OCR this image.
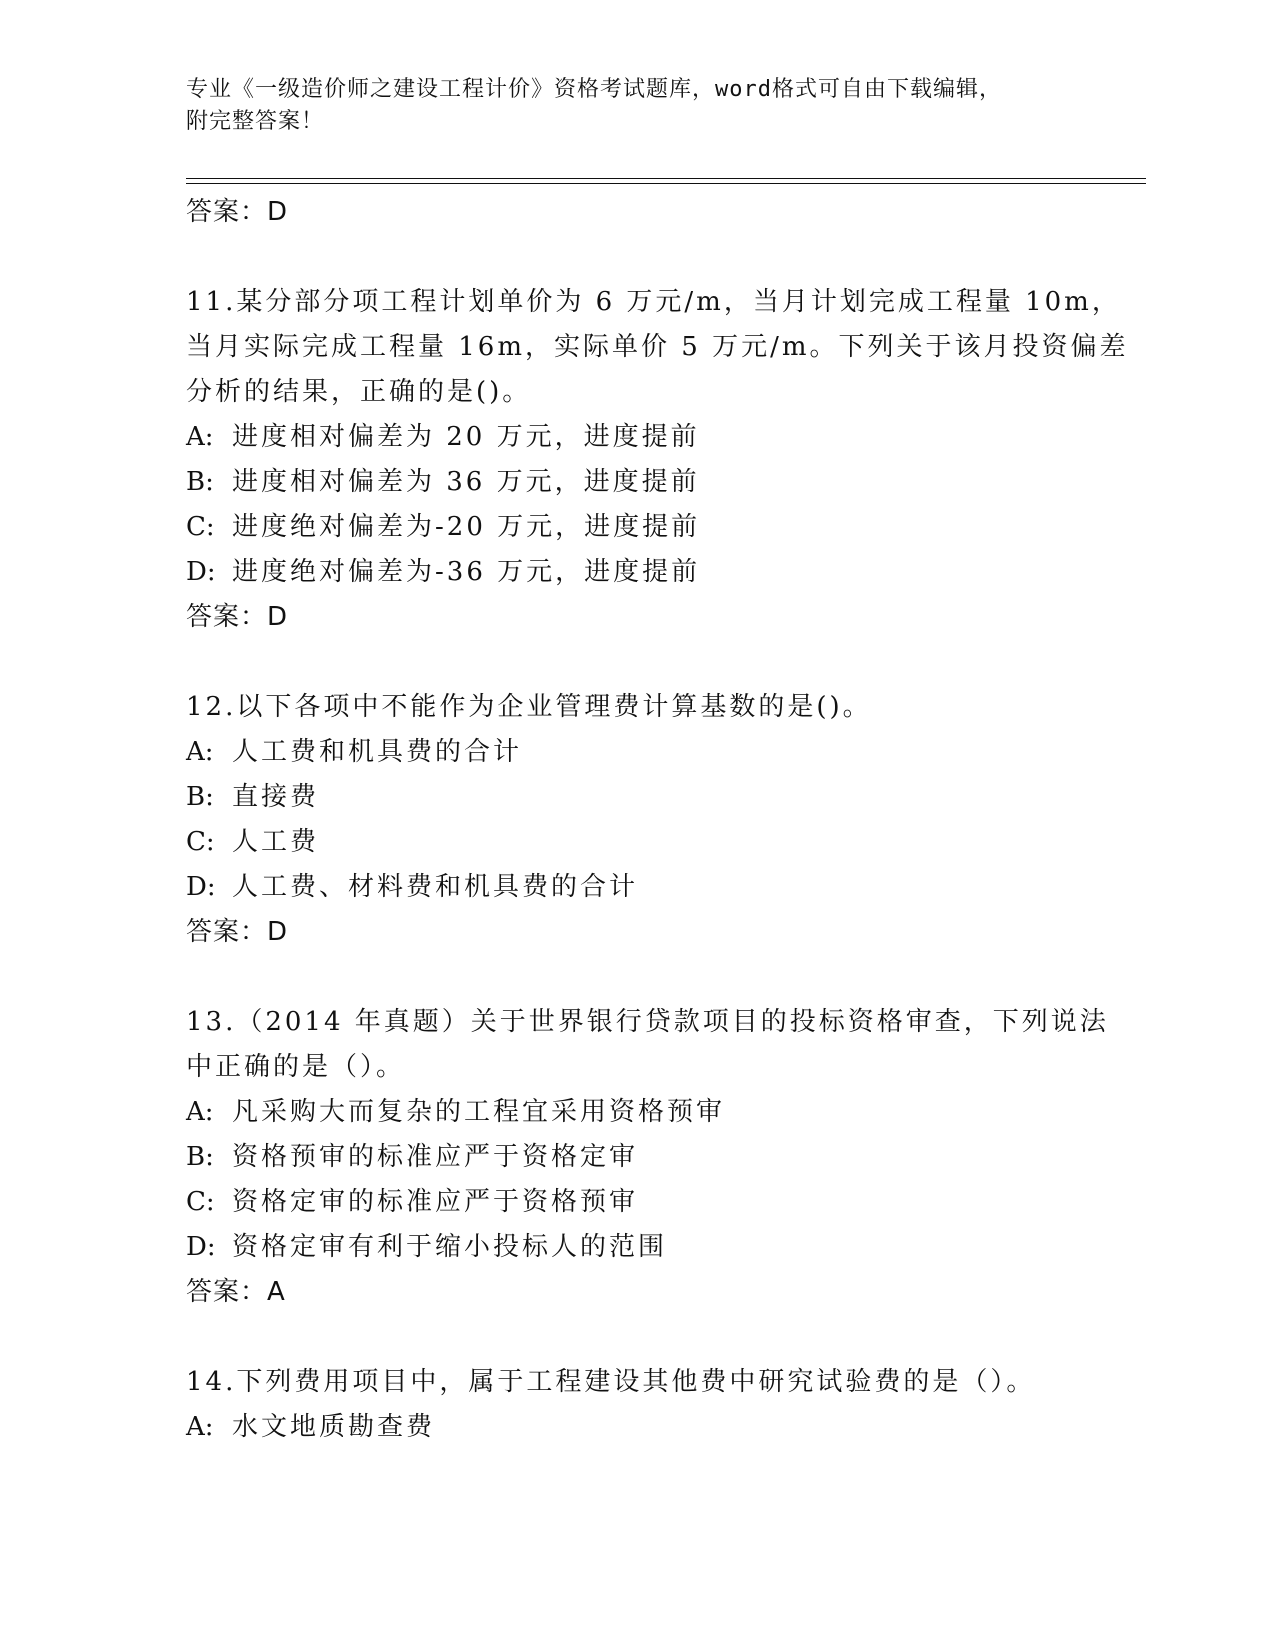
专业《一级造价师之建设工程计价》资格考试题库，word格式可自由下载编辑，
附完整答案！
答案：D
11.某分部分项工程计划单价为 6 万元/m，当月计划完成工程量 10m，
当月实际完成工程量 16m，实际单价 5 万元/m。下列关于该月投资偏差
分析的结果，正确的是()。
A: 进度相对偏差为 20 万元，进度提前
B: 进度相对偏差为 36 万元，进度提前
C: 进度绝对偏差为-20 万元，进度提前
D: 进度绝对偏差为-36 万元，进度提前
答案：D
12.以下各项中不能作为企业管理费计算基数的是()。
A: 人工费和机具费的合计
B: 直接费
C: 人工费
D: 人工费、材料费和机具费的合计
答案：D
13.（2014 年真题）关于世界银行贷款项目的投标资格审查，下列说法
中正确的是（）。
A: 凡采购大而复杂的工程宜采用资格预审
B: 资格预审的标准应严于资格定审
C: 资格定审的标准应严于资格预审
D: 资格定审有利于缩小投标人的范围
答案：A
14.下列费用项目中，属于工程建设其他费中研究试验费的是（）。
A: 水文地质勘查费
